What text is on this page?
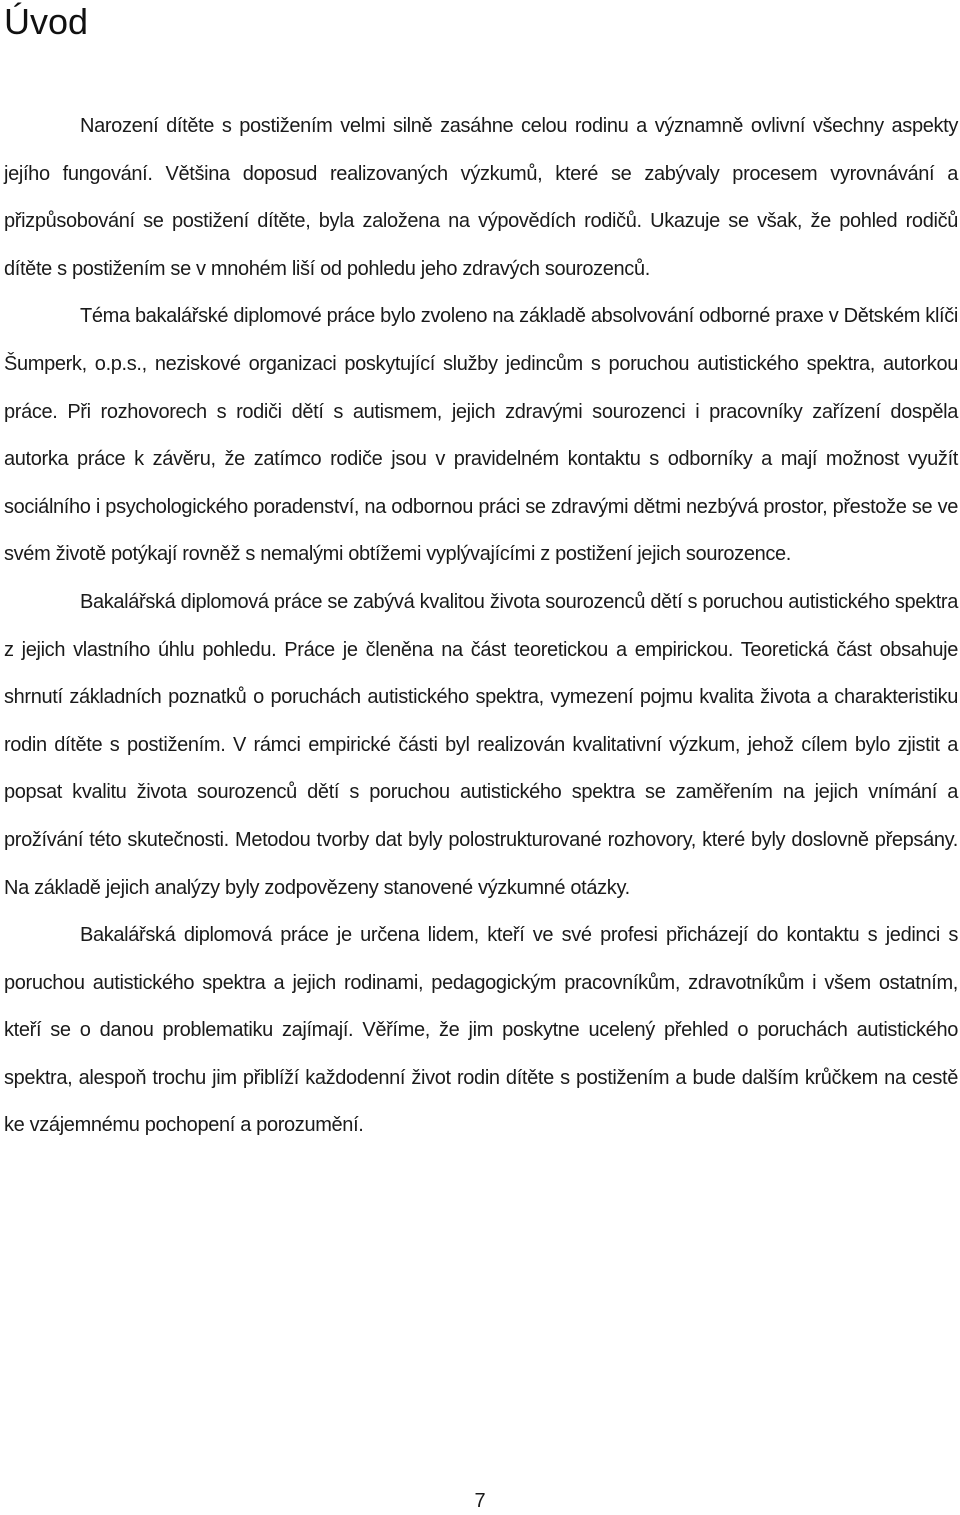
Úvod

Narození dítěte s postižením velmi silně zasáhne celou rodinu a významně ovlivní všechny aspekty jejího fungování. Většina doposud realizovaných výzkumů, které se zabývaly procesem vyrovnávání a přizpůsobování se postižení dítěte, byla založena na výpovědích rodičů. Ukazuje se však, že pohled rodičů dítěte s postižením se v mnohém liší od pohledu jeho zdravých sourozenců.

Téma bakalářské diplomové práce bylo zvoleno na základě absolvování odborné praxe v Dětském klíči Šumperk, o.p.s., neziskové organizaci poskytující služby jedincům s poruchou autistického spektra, autorkou práce. Při rozhovorech s rodiči dětí s autismem, jejich zdravými sourozenci i pracovníky zařízení dospěla autorka práce k závěru, že zatímco rodiče jsou v pravidelném kontaktu s odborníky a mají možnost využít sociálního i psychologického poradenství, na odbornou práci se zdravými dětmi nezbývá prostor, přestože se ve svém životě potýkají rovněž s nemalými obtížemi vyplývajícími z postižení jejich sourozence.

Bakalářská diplomová práce se zabývá kvalitou života sourozenců dětí s poruchou autistického spektra z jejich vlastního úhlu pohledu. Práce je členěna na část teoretickou a empirickou. Teoretická část obsahuje shrnutí základních poznatků o poruchách autistického spektra, vymezení pojmu kvalita života a charakteristiku rodin dítěte s postižením. V rámci empirické části byl realizován kvalitativní výzkum, jehož cílem bylo zjistit a popsat kvalitu života sourozenců dětí s poruchou autistického spektra se zaměřením na jejich vnímání a prožívání této skutečnosti. Metodou tvorby dat byly polostrukturované rozhovory, které byly doslovně přepsány. Na základě jejich analýzy byly zodpovězeny stanovené výzkumné otázky.

Bakalářská diplomová práce je určena lidem, kteří ve své profesi přicházejí do kontaktu s jedinci s poruchou autistického spektra a jejich rodinami, pedagogickým pracovníkům, zdravotníkům i všem ostatním, kteří se o danou problematiku zajímají. Věříme, že jim poskytne ucelený přehled o poruchách autistického spektra, alespoň trochu jim přiblíží každodenní život rodin dítěte s postižením a bude dalším krůčkem na cestě ke vzájemnému pochopení a porozumění.

7
